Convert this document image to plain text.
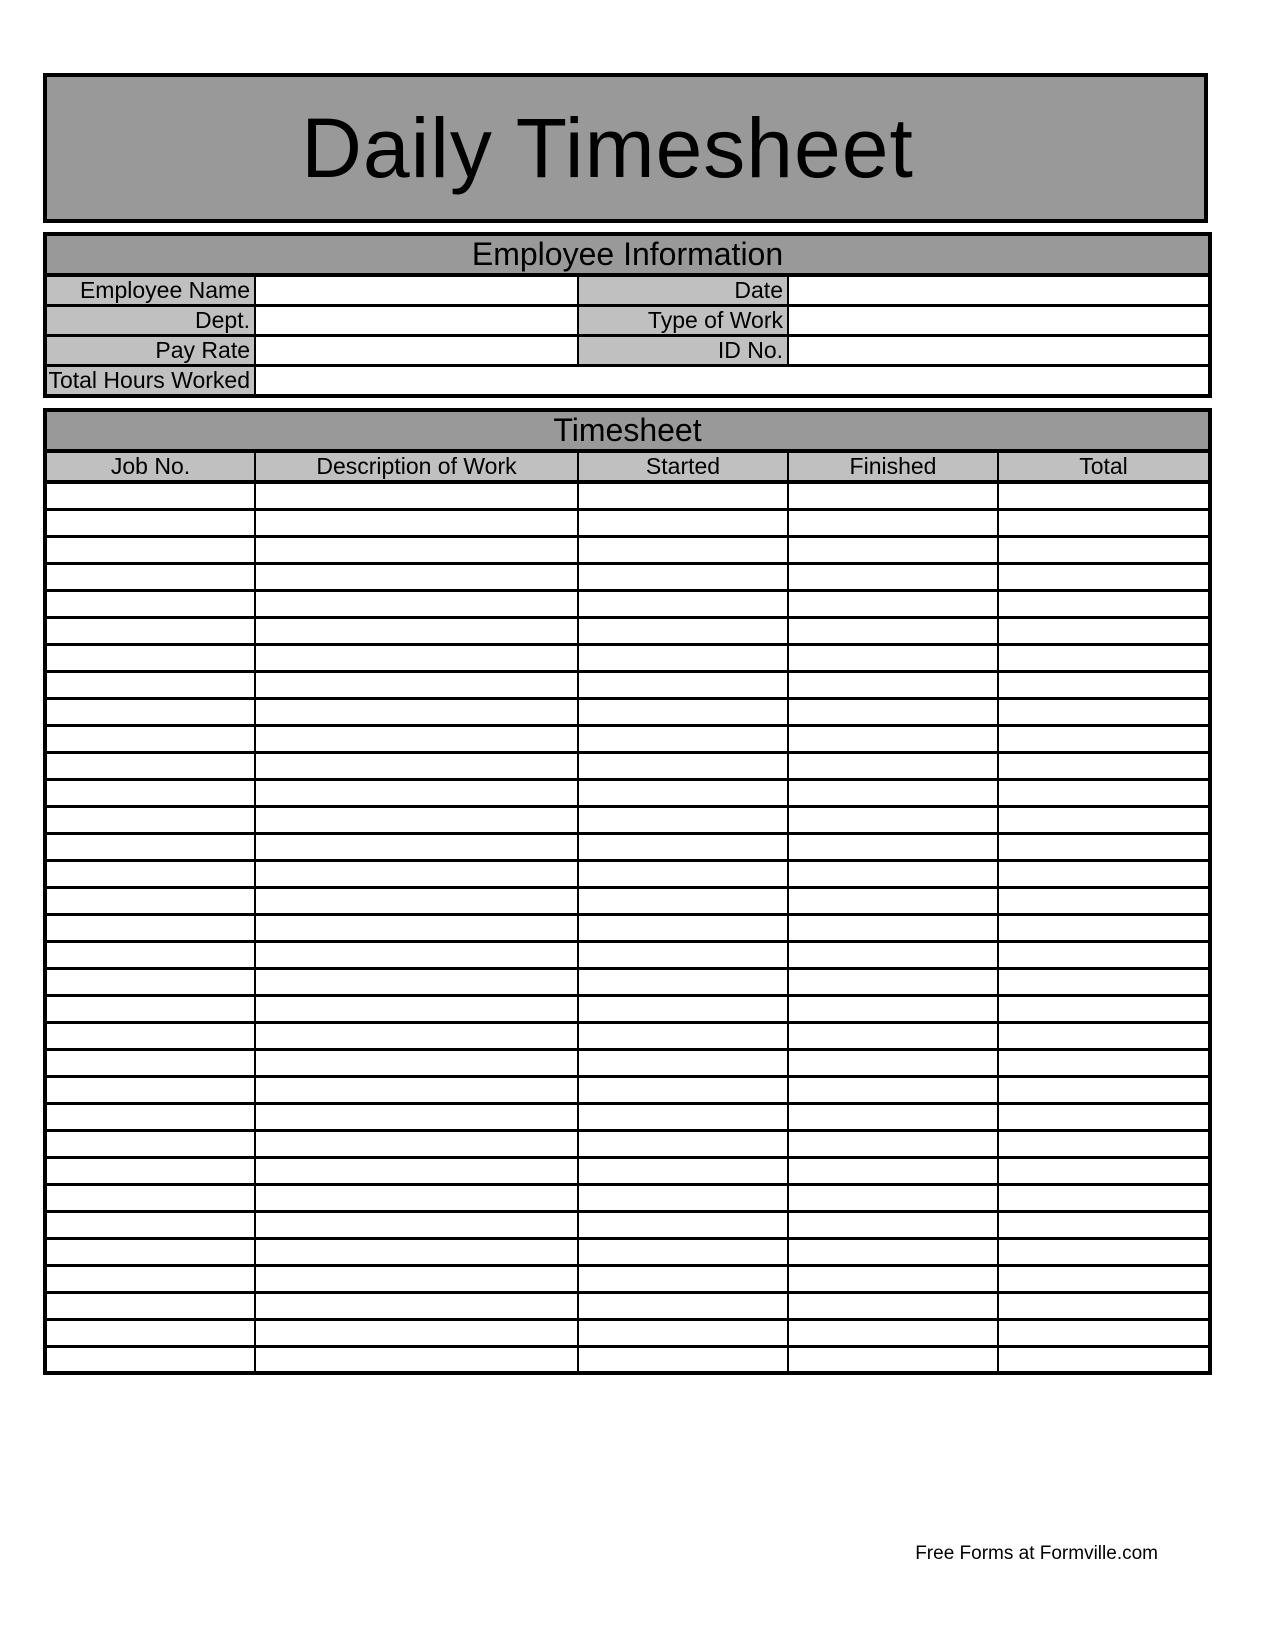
Daily Timesheet
Employee Information			
Employee Name		Date	
Dept.		Type of Work	
Pay Rate		ID No.	
Total Hours Worked			
Timesheet				
Job No.	Description of Work	Started	Finished	Total

Free Forms at Formville.com
